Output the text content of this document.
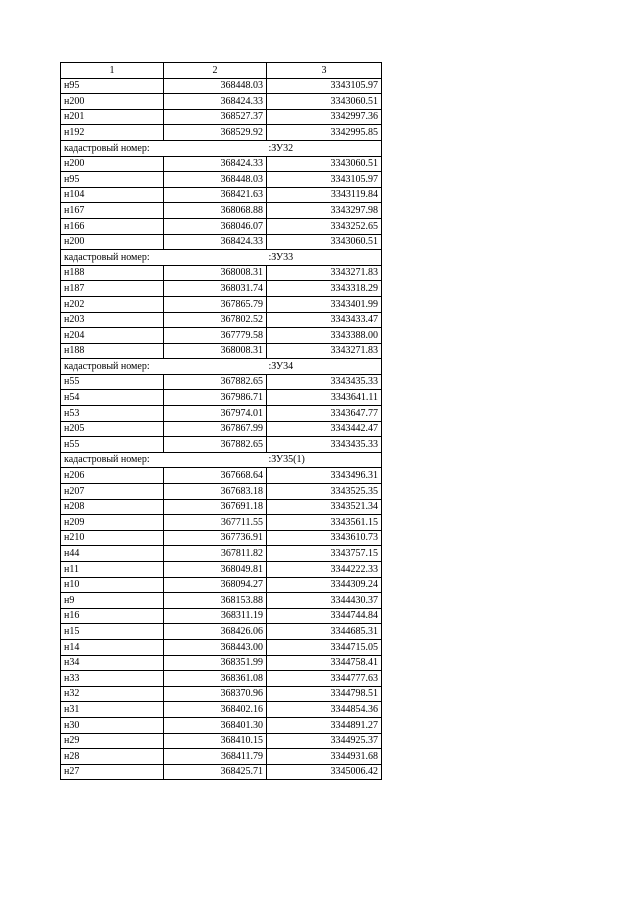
1	2	3
н95	368448.03	3343105.97
н200	368424.33	3343060.51
н201	368527.37	3342997.36
н192	368529.92	3342995.85
кадастровый номер:		:ЗУ32
н200	368424.33	3343060.51
н95	368448.03	3343105.97
н104	368421.63	3343119.84
н167	368068.88	3343297.98
н166	368046.07	3343252.65
н200	368424.33	3343060.51
кадастровый номер:		:ЗУ33
н188	368008.31	3343271.83
н187	368031.74	3343318.29
н202	367865.79	3343401.99
н203	367802.52	3343433.47
н204	367779.58	3343388.00
н188	368008.31	3343271.83
кадастровый номер:		:ЗУ34
н55	367882.65	3343435.33
н54	367986.71	3343641.11
н53	367974.01	3343647.77
н205	367867.99	3343442.47
н55	367882.65	3343435.33
кадастровый номер:		:ЗУ35(1)
н206	367668.64	3343496.31
н207	367683.18	3343525.35
н208	367691.18	3343521.34
н209	367711.55	3343561.15
н210	367736.91	3343610.73
н44	367811.82	3343757.15
н11	368049.81	3344222.33
н10	368094.27	3344309.24
н9	368153.88	3344430.37
н16	368311.19	3344744.84
н15	368426.06	3344685.31
н14	368443.00	3344715.05
н34	368351.99	3344758.41
н33	368361.08	3344777.63
н32	368370.96	3344798.51
н31	368402.16	3344854.36
н30	368401.30	3344891.27
н29	368410.15	3344925.37
н28	368411.79	3344931.68
н27	368425.71	3345006.42
